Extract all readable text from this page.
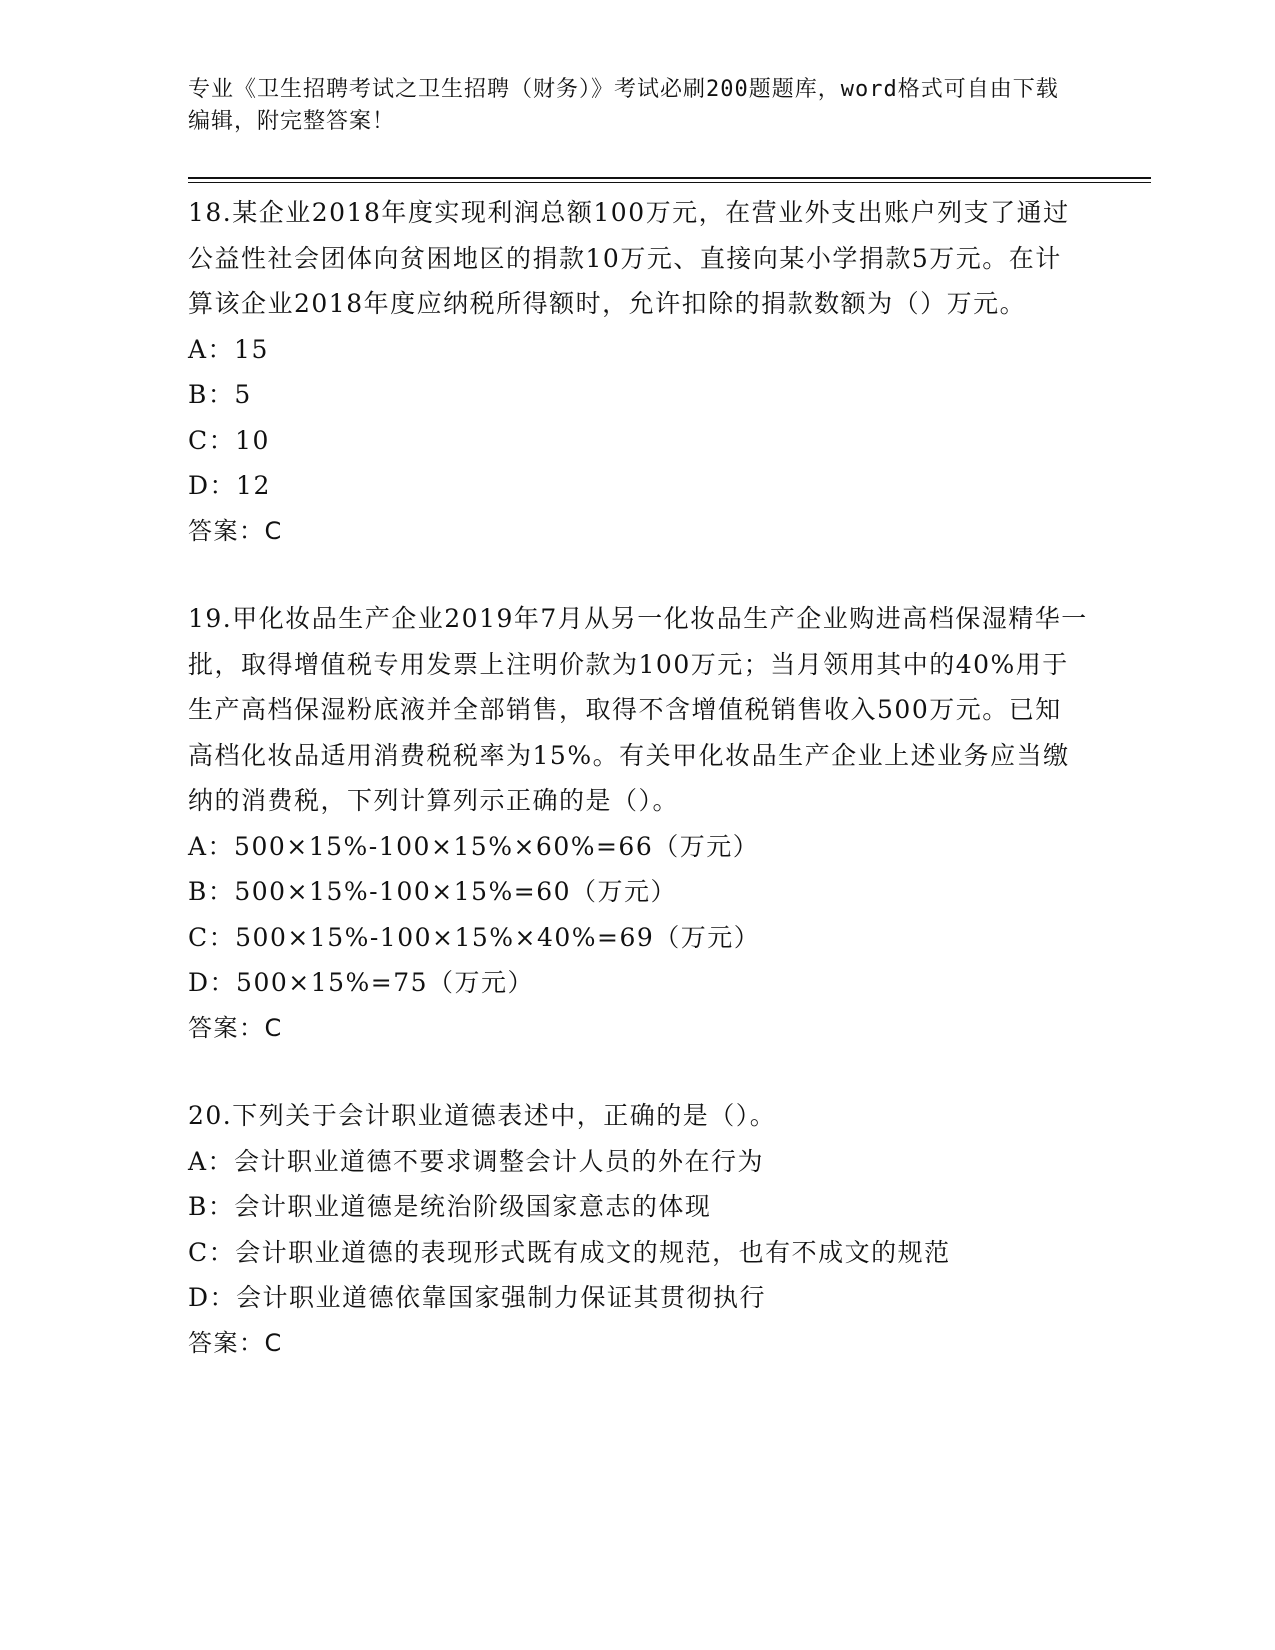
专业《卫生招聘考试之卫生招聘（财务）》考试必刷200题题库，word格式可自由下载编辑，附完整答案！

18.某企业2018年度实现利润总额100万元，在营业外支出账户列支了通过公益性社会团体向贫困地区的捐款10万元、直接向某小学捐款5万元。在计算该企业2018年度应纳税所得额时，允许扣除的捐款数额为（）万元。

A：15

B：5

C：10

D：12

答案：C

19.甲化妆品生产企业2019年7月从另一化妆品生产企业购进高档保湿精华一批，取得增值税专用发票上注明价款为100万元；当月领用其中的40%用于生产高档保湿粉底液并全部销售，取得不含增值税销售收入500万元。已知高档化妆品适用消费税税率为15%。有关甲化妆品生产企业上述业务应当缴纳的消费税，下列计算列示正确的是（）。

A：500×15%-100×15%×60%=66（万元）

B：500×15%-100×15%=60（万元）

C：500×15%-100×15%×40%=69（万元）

D：500×15%=75（万元）

答案：C

20.下列关于会计职业道德表述中，正确的是（）。

A：会计职业道德不要求调整会计人员的外在行为

B：会计职业道德是统治阶级国家意志的体现

C：会计职业道德的表现形式既有成文的规范，也有不成文的规范

D：会计职业道德依靠国家强制力保证其贯彻执行

答案：C
